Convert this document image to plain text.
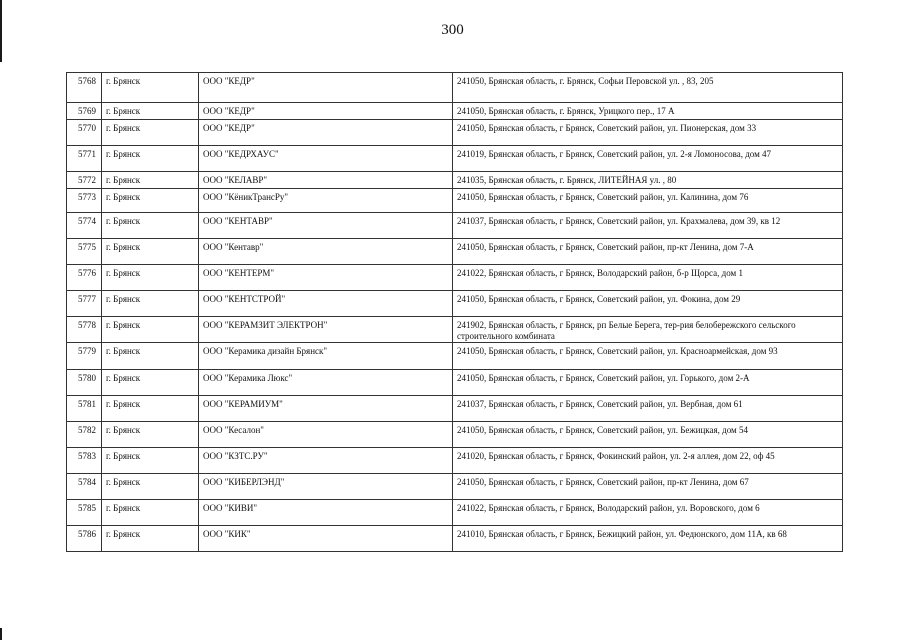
300
5768	г. Брянск	ООО "КЕДР"	241050, Брянская область, г. Брянск, Софьи Перовской ул. , 83, 205
5769	г. Брянск	ООО "КЕДР"	241050, Брянская область, г. Брянск, Урицкого пер., 17 А
5770	г. Брянск	ООО "КЕДР"	241050, Брянская область, г Брянск, Советский район, ул. Пионерская, дом 33
5771	г. Брянск	ООО "КЕДРХАУС"	241019, Брянская область, г Брянск, Советский район, ул. 2-я Ломоносова, дом 47
5772	г. Брянск	ООО "КЕЛАВР"	241035, Брянская область, г. Брянск, ЛИТЕЙНАЯ ул. , 80
5773	г. Брянск	ООО "КёникТрансРу"	241050, Брянская область, г Брянск, Советский район, ул. Калинина, дом 76
5774	г. Брянск	ООО "КЕНТАВР"	241037, Брянская область, г Брянск, Советский район, ул. Крахмалева, дом 39, кв 12
5775	г. Брянск	ООО "Кентавр"	241050, Брянская область, г Брянск, Советский район, пр-кт Ленина, дом 7-А
5776	г. Брянск	ООО "КЕНТЕРМ"	241022, Брянская область, г Брянск, Володарский район, б-р Щорса, дом 1
5777	г. Брянск	ООО "КЕНТСТРОЙ"	241050, Брянская область, г Брянск, Советский район, ул. Фокина, дом 29
5778	г. Брянск	ООО "КЕРАМЗИТ ЭЛЕКТРОН"	241902, Брянская область, г Брянск, рп Белые Берега, тер-рия белобережского сельского строительного комбината
5779	г. Брянск	ООО "Керамика дизайн Брянск"	241050, Брянская область, г Брянск, Советский район, ул. Красноармейская, дом 93
5780	г. Брянск	ООО "Керамика Люкс"	241050, Брянская область, г Брянск, Советский район, ул. Горького, дом 2-А
5781	г. Брянск	ООО "КЕРАМИУМ"	241037, Брянская область, г Брянск, Советский район, ул. Вербная, дом 61
5782	г. Брянск	ООО "Кесалон"	241050, Брянская область, г Брянск, Советский район, ул. Бежицкая, дом 54
5783	г. Брянск	ООО "КЗТС.РУ"	241020, Брянская область, г Брянск, Фокинский район, ул. 2-я аллея, дом 22, оф 45
5784	г. Брянск	ООО "КИБЕРЛЭНД"	241050, Брянская область, г Брянск, Советский район, пр-кт Ленина, дом 67
5785	г. Брянск	ООО "КИВИ"	241022, Брянская область, г Брянск, Володарский район, ул. Воровского, дом 6
5786	г. Брянск	ООО "КИК"	241010, Брянская область, г Брянск, Бежицкий район, ул. Федюнского, дом 11А, кв 68
